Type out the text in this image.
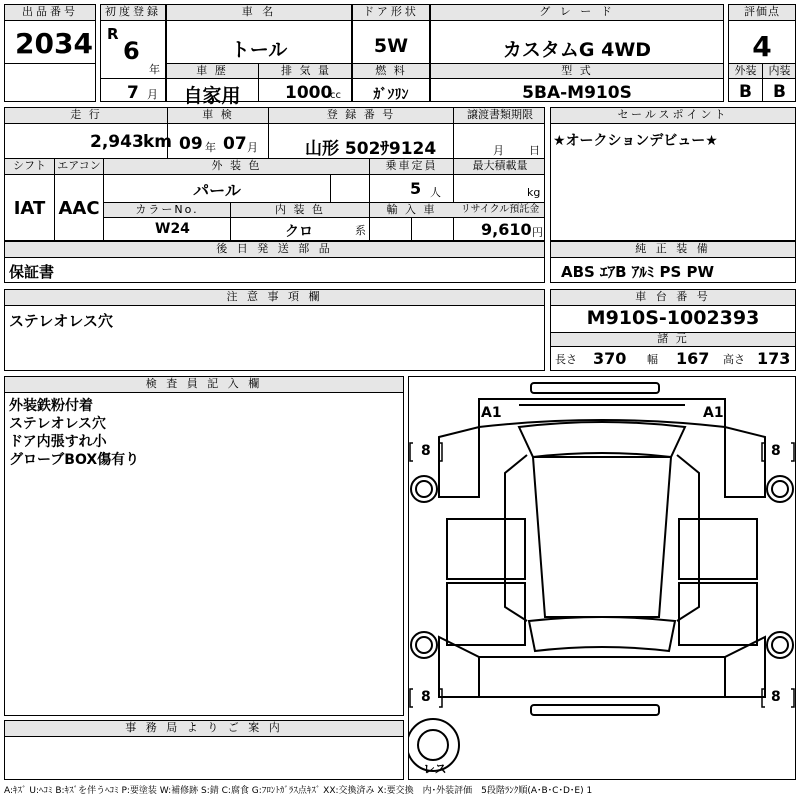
出品番号
2034
初度登録
R
6
年
7 月
車 名
トール
車 歴	排 気 量
自家用	1000
cc
ドア形状
5W
燃 料
ｶﾞｿﾘﾝ
グ レ ー ド
カスタムG 4WD
型 式
5BA-M910S
評価点
4
外装	内装
B	B
走 行	車 検	登 録 番 号	譲渡書類期限
2,943 km 09 年 07 月	山形 502ｻ9124	月 日
シフト	エアコン	外 装 色	乗車定員	最大積載量
IAT AAC
パール	5 人	kg
カラーNo.	内 装 色	輸 入 車	リサイクル預託金
W24	クロ	系	9,610 円
セールスポイント
★オークションデビュー★
後 日 発 送 部 品
保証書
純 正 装 備
ABS ｴｱB ｱﾙﾐ PS PW
注 意 事 項 欄
ステレオレス穴
車 台 番 号
M910S-1002393
諸 元
長さ 370 幅 167 高さ 173
検 査 員 記 入 欄
外装鉄粉付着
ステレオレス穴
ドア内張すれ小
グローブBOX傷有り
事 務 局 よ り ご 案 内
A1	A1
8	8
8	8
レス
A:ｷｽﾞ U:ﾍｺﾐ B:ｷｽﾞを伴うﾍｺﾐ P:要塗装 W:補修跡 S:錆 C:腐食 G:ﾌﾛﾝﾄｶﾞﾗｽ点ｷｽﾞ XX:交換済み X:要交換　内･外装評価　5段階ﾗﾝｸ順(A･B･C･D･E) 1
